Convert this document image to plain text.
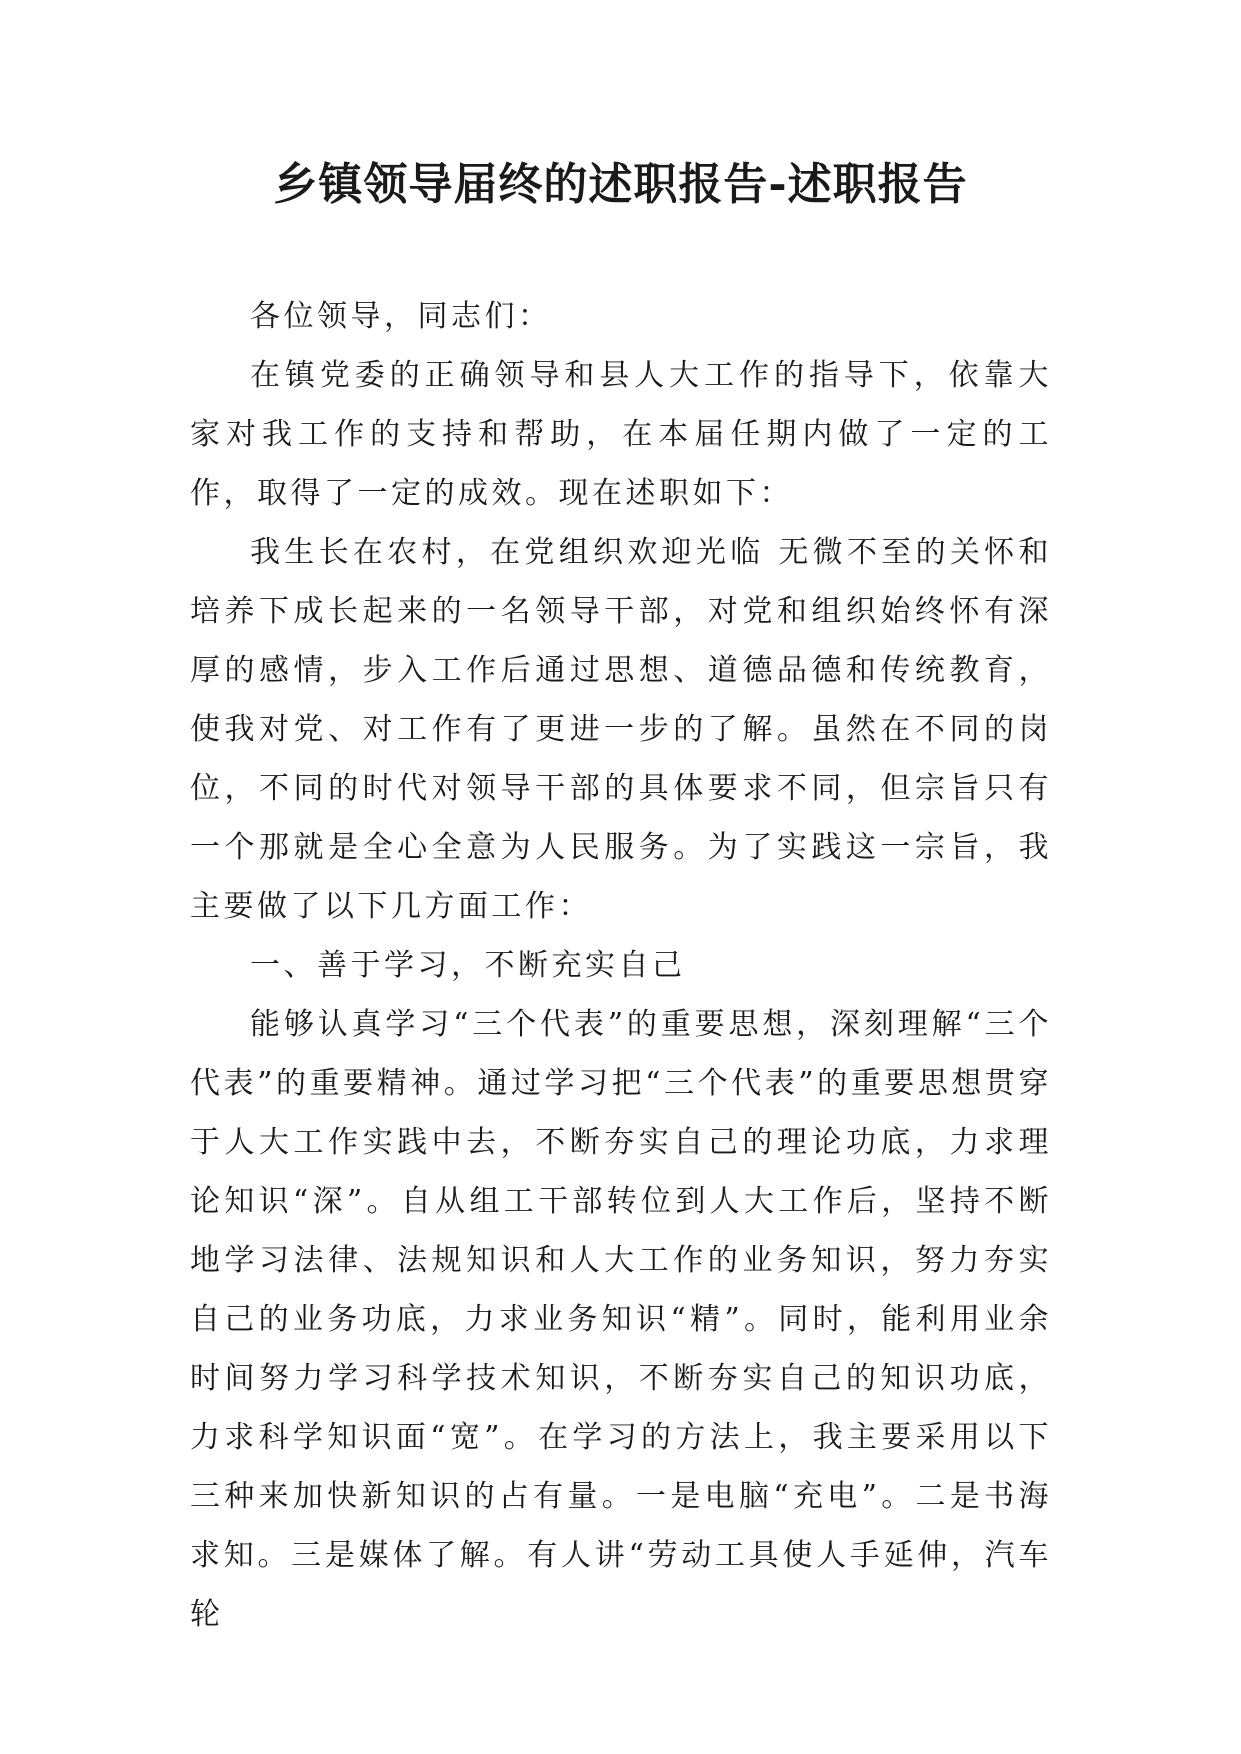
乡镇领导届终的述职报告-述职报告

各位领导，同志们：

在镇党委的正确领导和县人大工作的指导下，依靠大家对我工作的支持和帮助，在本届任期内做了一定的工作，取得了一定的成效。现在述职如下：

我生长在农村，在党组织欢迎光临 无微不至的关怀和培养下成长起来的一名领导干部，对党和组织始终怀有深厚的感情，步入工作后通过思想、道德品德和传统教育，使我对党、对工作有了更进一步的了解。虽然在不同的岗位，不同的时代对领导干部的具体要求不同，但宗旨只有一个那就是全心全意为人民服务。为了实践这一宗旨，我主要做了以下几方面工作：

一、善于学习，不断充实自己

能够认真学习“三个代表”的重要思想，深刻理解“三个代表”的重要精神。通过学习把“三个代表”的重要思想贯穿于人大工作实践中去，不断夯实自己的理论功底，力求理论知识“深”。自从组工干部转位到人大工作后，坚持不断地学习法律、法规知识和人大工作的业务知识，努力夯实自己的业务功底，力求业务知识“精”。同时，能利用业余时间努力学习科学技术知识，不断夯实自己的知识功底，力求科学知识面“宽”。在学习的方法上，我主要采用以下三种来加快新知识的占有量。一是电脑“充电”。二是书海求知。三是媒体了解。有人讲“劳动工具使人手延伸，汽车轮
